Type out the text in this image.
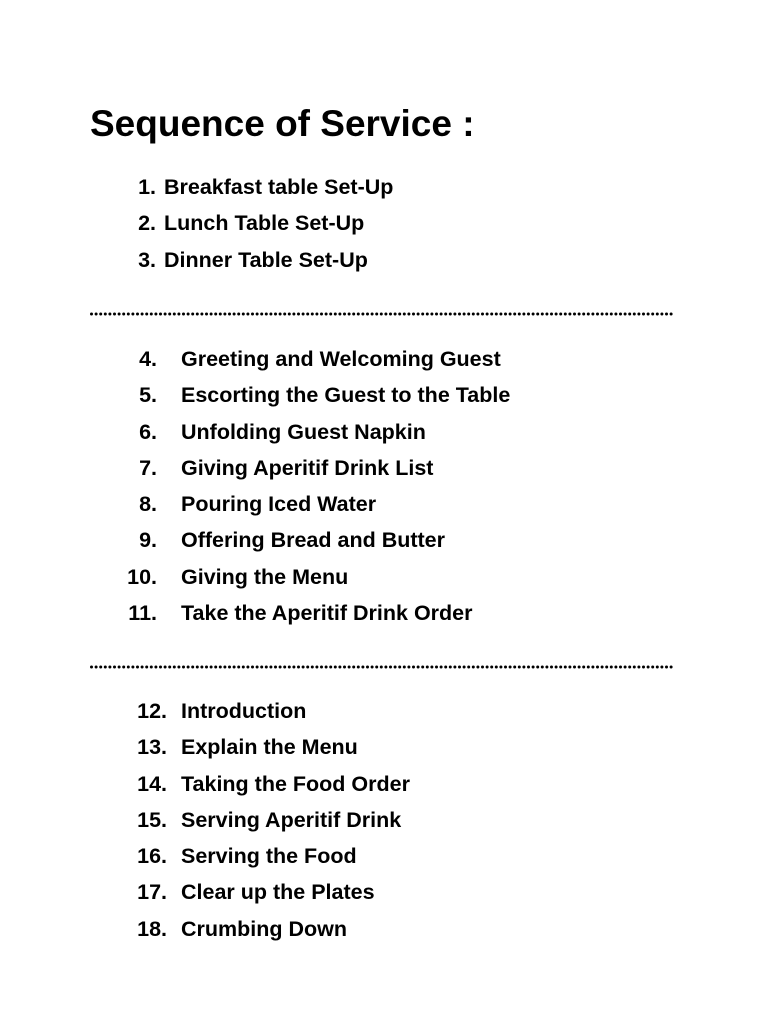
Sequence of Service :
1. Breakfast table Set-Up
2. Lunch Table Set-Up
3. Dinner Table Set-Up
4. Greeting and Welcoming Guest
5. Escorting the Guest to the Table
6. Unfolding Guest Napkin
7. Giving Aperitif Drink List
8. Pouring Iced Water
9. Offering Bread and Butter
10. Giving the Menu
11. Take the Aperitif Drink Order
12. Introduction
13. Explain the Menu
14. Taking the Food Order
15. Serving Aperitif Drink
16. Serving the Food
17. Clear up the Plates
18. Crumbing Down
